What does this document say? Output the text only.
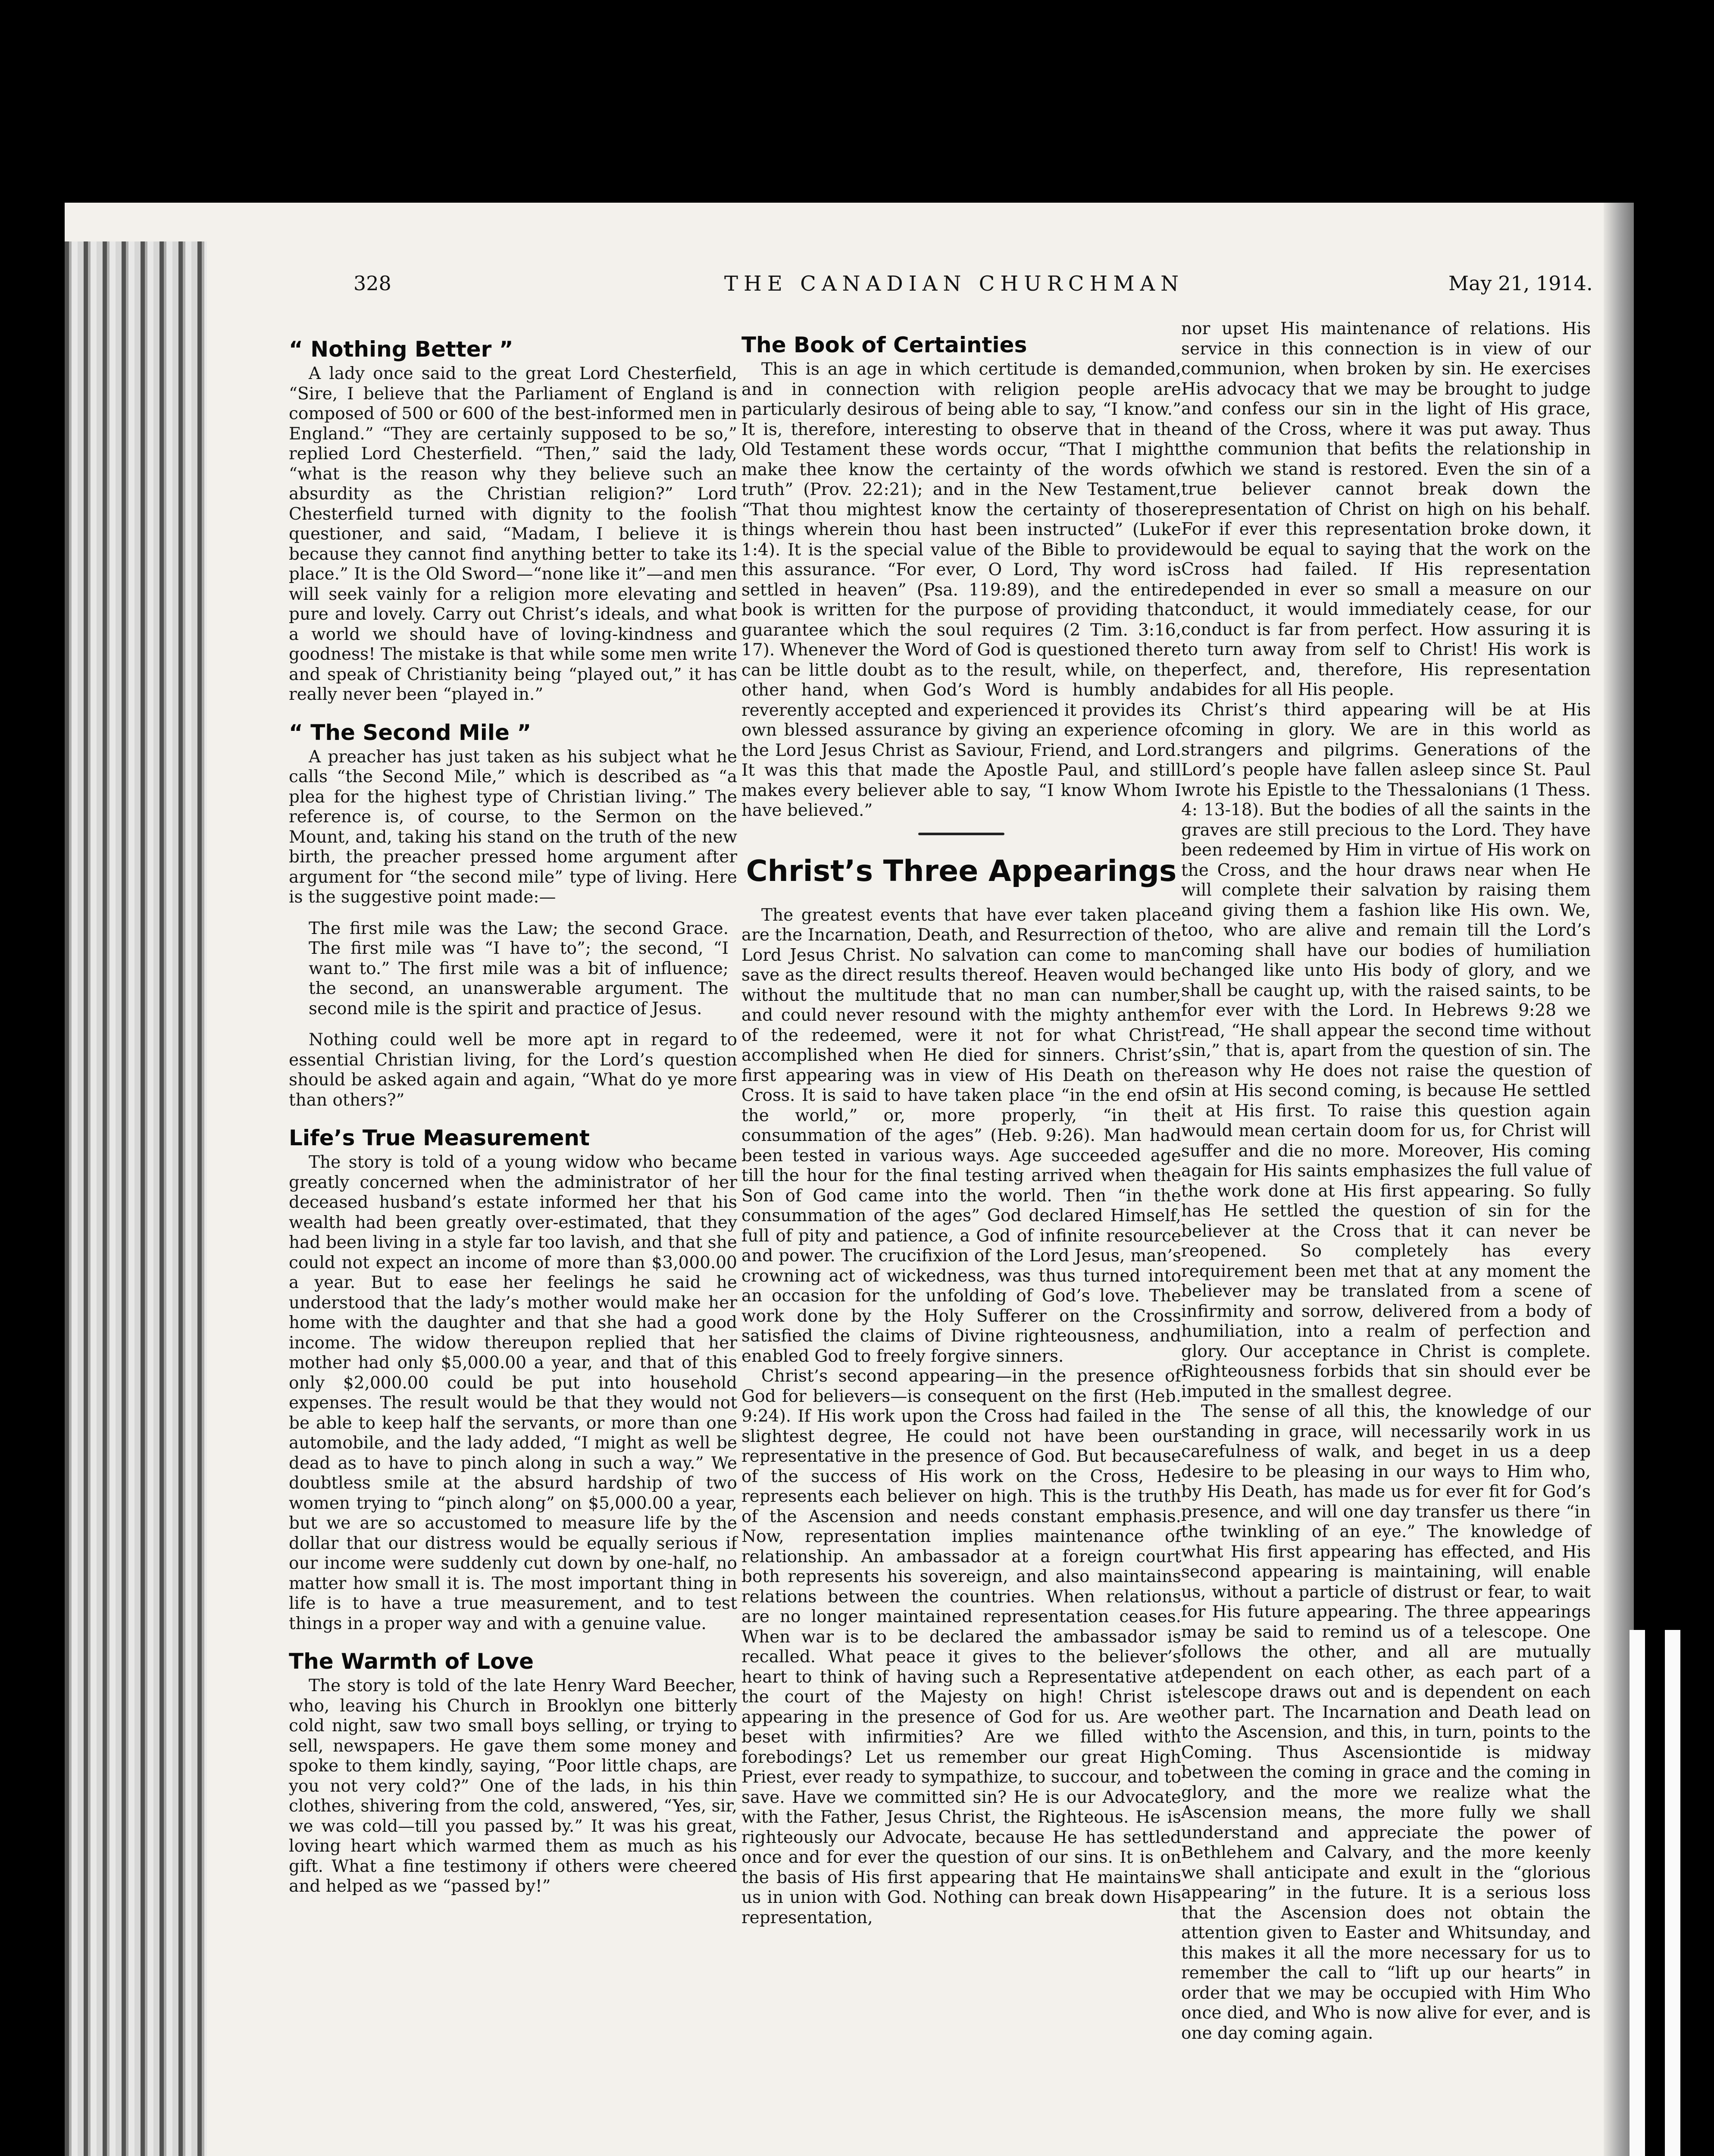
328	THE CANADIAN CHURCHMAN	May 21, 1914.
“ Nothing Better ”

A lady once said to the great Lord Chesterfield, “Sire, I believe that the Parliament of England is composed of 500 or 600 of the best-informed men in England.” “They are certainly supposed to be so,” replied Lord Chesterfield. “Then,” said the lady, “what is the reason why they believe such an absurdity as the Christian religion?” Lord Chesterfield turned with dignity to the foolish questioner, and said, “Madam, I believe it is because they cannot find anything better to take its place.” It is the Old Sword—“none like it”—and men will seek vainly for a religion more elevating and pure and lovely. Carry out Christ’s ideals, and what a world we should have of loving-kindness and goodness! The mistake is that while some men write and speak of Christianity being “played out,” it has really never been “played in.”

“ The Second Mile ”

A preacher has just taken as his subject what he calls “the Second Mile,” which is described as “a plea for the highest type of Christian living.” The reference is, of course, to the Sermon on the Mount, and, taking his stand on the truth of the new birth, the preacher pressed home argument after argument for “the second mile” type of living. Here is the suggestive point made:—

The first mile was the Law; the second Grace. The first mile was “I have to”; the second, “I want to.” The first mile was a bit of influence; the second, an unanswerable argument. The second mile is the spirit and practice of Jesus.

Nothing could well be more apt in regard to essential Christian living, for the Lord’s question should be asked again and again, “What do ye more than others?”

Life’s True Measurement

The story is told of a young widow who became greatly concerned when the administrator of her deceased husband’s estate informed her that his wealth had been greatly over-estimated, that they had been living in a style far too lavish, and that she could not expect an income of more than $3,000.00 a year. But to ease her feelings he said he understood that the lady’s mother would make her home with the daughter and that she had a good income. The widow thereupon replied that her mother had only $5,000.00 a year, and that of this only $2,000.00 could be put into household expenses. The result would be that they would not be able to keep half the servants, or more than one automobile, and the lady added, “I might as well be dead as to have to pinch along in such a way.” We doubtless smile at the absurd hardship of two women trying to “pinch along” on $5,000.00 a year, but we are so accustomed to measure life by the dollar that our distress would be equally serious if our income were suddenly cut down by one-half, no matter how small it is. The most important thing in life is to have a true measurement, and to test things in a proper way and with a genuine value.

The Warmth of Love

The story is told of the late Henry Ward Beecher, who, leaving his Church in Brooklyn one bitterly cold night, saw two small boys selling, or trying to sell, newspapers. He gave them some money and spoke to them kindly, saying, “Poor little chaps, are you not very cold?” One of the lads, in his thin clothes, shivering from the cold, answered, “Yes, sir, we was cold—till you passed by.” It was his great, loving heart which warmed them as much as his gift. What a fine testimony if others were cheered and helped as we “passed by!”

The Book of Certainties

This is an age in which certitude is demanded, and in connection with religion people are particularly desirous of being able to say, “I know.” It is, therefore, interesting to observe that in the Old Testament these words occur, “That I might make thee know the certainty of the words of truth” (Prov. 22:21); and in the New Testament, “That thou mightest know the certainty of those things wherein thou hast been instructed” (Luke 1:4). It is the special value of the Bible to provide this assurance. “For ever, O Lord, Thy word is settled in heaven” (Psa. 119:89), and the entire book is written for the purpose of providing that guarantee which the soul requires (2 Tim. 3:16, 17). Whenever the Word of God is questioned there can be little doubt as to the result, while, on the other hand, when God’s Word is humbly and reverently accepted and experienced it provides its own blessed assurance by giving an experience of the Lord Jesus Christ as Saviour, Friend, and Lord. It was this that made the Apostle Paul, and still makes every believer able to say, “I know Whom I have believed.”

Christ’s Three Appearings

The greatest events that have ever taken place are the Incarnation, Death, and Resurrection of the Lord Jesus Christ. No salvation can come to man save as the direct results thereof. Heaven would be without the multitude that no man can number, and could never resound with the mighty anthem of the redeemed, were it not for what Christ accomplished when He died for sinners. Christ’s first appearing was in view of His Death on the Cross. It is said to have taken place “in the end of the world,” or, more properly, “in the consummation of the ages” (Heb. 9:26). Man had been tested in various ways. Age succeeded age till the hour for the final testing arrived when the Son of God came into the world. Then “in the consummation of the ages” God declared Himself, full of pity and patience, a God of infinite resource and power. The crucifixion of the Lord Jesus, man’s crowning act of wickedness, was thus turned into an occasion for the unfolding of God’s love. The work done by the Holy Sufferer on the Cross satisfied the claims of Divine righteousness, and enabled God to freely forgive sinners.

Christ’s second appearing—in the presence of God for believers—is consequent on the first (Heb. 9:24). If His work upon the Cross had failed in the slightest degree, He could not have been our representative in the presence of God. But because of the success of His work on the Cross, He represents each believer on high. This is the truth of the Ascension and needs constant emphasis. Now, representation implies maintenance of relationship. An ambassador at a foreign court both represents his sovereign, and also maintains relations between the countries. When relations are no longer maintained representation ceases. When war is to be declared the ambassador is recalled. What peace it gives to the believer’s heart to think of having such a Representative at the court of the Majesty on high! Christ is appearing in the presence of God for us. Are we beset with infirmities? Are we filled with forebodings? Let us remember our great High Priest, ever ready to sympathize, to succour, and to save. Have we committed sin? He is our Advocate with the Father, Jesus Christ, the Righteous. He is righteously our Advocate, because He has settled once and for ever the question of our sins. It is on the basis of His first appearing that He maintains us in union with God. Nothing can break down His representation,

nor upset His maintenance of relations. His service in this connection is in view of our communion, when broken by sin. He exercises His advocacy that we may be brought to judge and confess our sin in the light of His grace, and of the Cross, where it was put away. Thus the communion that befits the relationship in which we stand is restored. Even the sin of a true believer cannot break down the representation of Christ on high on his behalf. For if ever this representation broke down, it would be equal to saying that the work on the Cross had failed. If His representation depended in ever so small a measure on our conduct, it would immediately cease, for our conduct is far from perfect. How assuring it is to turn away from self to Christ! His work is perfect, and, therefore, His representation abides for all His people.

Christ’s third appearing will be at His coming in glory. We are in this world as strangers and pilgrims. Generations of the Lord’s people have fallen asleep since St. Paul wrote his Epistle to the Thessalonians (1 Thess. 4: 13-18). But the bodies of all the saints in the graves are still precious to the Lord. They have been redeemed by Him in virtue of His work on the Cross, and the hour draws near when He will complete their salvation by raising them and giving them a fashion like His own. We, too, who are alive and remain till the Lord’s coming shall have our bodies of humiliation changed like unto His body of glory, and we shall be caught up, with the raised saints, to be for ever with the Lord. In Hebrews 9:28 we read, “He shall appear the second time without sin,” that is, apart from the question of sin. The reason why He does not raise the question of sin at His second coming, is because He settled it at His first. To raise this question again would mean certain doom for us, for Christ will suffer and die no more. Moreover, His coming again for His saints emphasizes the full value of the work done at His first appearing. So fully has He settled the question of sin for the believer at the Cross that it can never be reopened. So completely has every requirement been met that at any moment the believer may be translated from a scene of infirmity and sorrow, delivered from a body of humiliation, into a realm of perfection and glory. Our acceptance in Christ is complete. Righteousness forbids that sin should ever be imputed in the smallest degree.

The sense of all this, the knowledge of our standing in grace, will necessarily work in us carefulness of walk, and beget in us a deep desire to be pleasing in our ways to Him who, by His Death, has made us for ever fit for God’s presence, and will one day transfer us there “in the twinkling of an eye.” The knowledge of what His first appearing has effected, and His second appearing is maintaining, will enable us, without a particle of distrust or fear, to wait for His future appearing. The three appearings may be said to remind us of a telescope. One follows the other, and all are mutually dependent on each other, as each part of a telescope draws out and is dependent on each other part. The Incarnation and Death lead on to the Ascension, and this, in turn, points to the Coming. Thus Ascensiontide is midway between the coming in grace and the coming in glory, and the more we realize what the Ascension means, the more fully we shall understand and appreciate the power of Bethlehem and Calvary, and the more keenly we shall anticipate and exult in the “glorious appearing” in the future. It is a serious loss that the Ascension does not obtain the attention given to Easter and Whitsunday, and this makes it all the more necessary for us to remember the call to “lift up our hearts” in order that we may be occupied with Him Who once died, and Who is now alive for ever, and is one day coming again.
